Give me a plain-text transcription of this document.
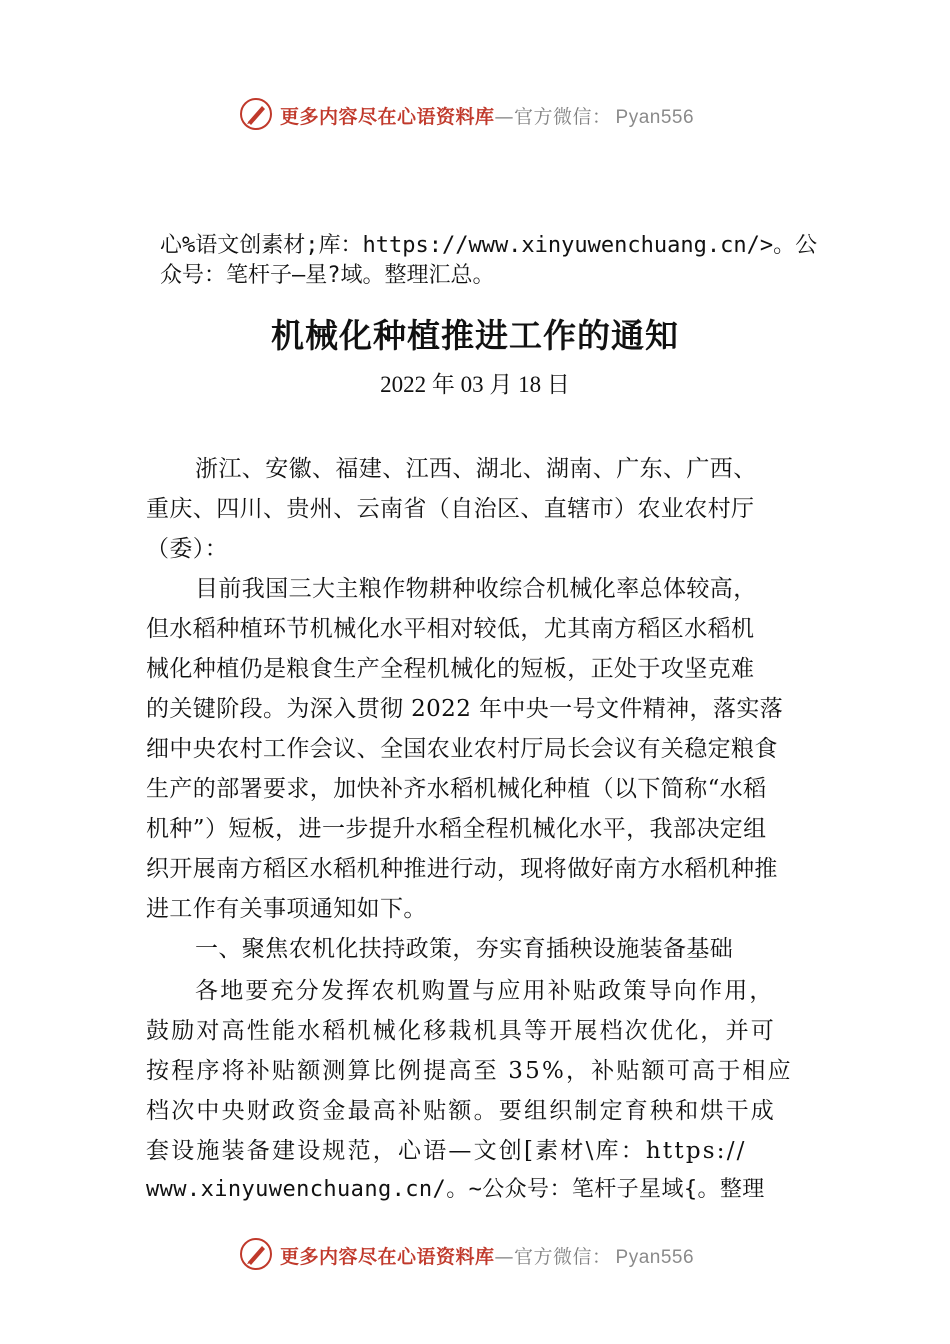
更多内容尽在心语资料库—官方微信： Pyan556
心%语文创素材;库：https://www.xinyuwenchuang.cn/>。公
众号：笔杆子—星?域。整理汇总。
机械化种植推进工作的通知
2022 年 03 月 18 日
浙江、安徽、福建、江西、湖北、湖南、广东、广西、
重庆、四川、贵州、云南省（自治区、直辖市）农业农村厅
（委）：
目前我国三大主粮作物耕种收综合机械化率总体较高，
但水稻种植环节机械化水平相对较低，尤其南方稻区水稻机
械化种植仍是粮食生产全程机械化的短板，正处于攻坚克难
的关键阶段。为深入贯彻 2022 年中央一号文件精神，落实落
细中央农村工作会议、全国农业农村厅局长会议有关稳定粮食
生产的部署要求，加快补齐水稻机械化种植（以下简称“水稻
机种”）短板，进一步提升水稻全程机械化水平，我部决定组
织开展南方稻区水稻机种推进行动，现将做好南方水稻机种推
进工作有关事项通知如下。
一、聚焦农机化扶持政策，夯实育插秧设施装备基础
各地要充分发挥农机购置与应用补贴政策导向作用，
鼓励对高性能水稻机械化移栽机具等开展档次优化，并可
按程序将补贴额测算比例提高至 35%，补贴额可高于相应
档次中央财政资金最高补贴额。要组织制定育秧和烘干成
套设施装备建设规范，心语—文创[素材\库：https://
www.xinyuwenchuang.cn/。~公众号：笔杆子星域{。整理
更多内容尽在心语资料库—官方微信： Pyan556
